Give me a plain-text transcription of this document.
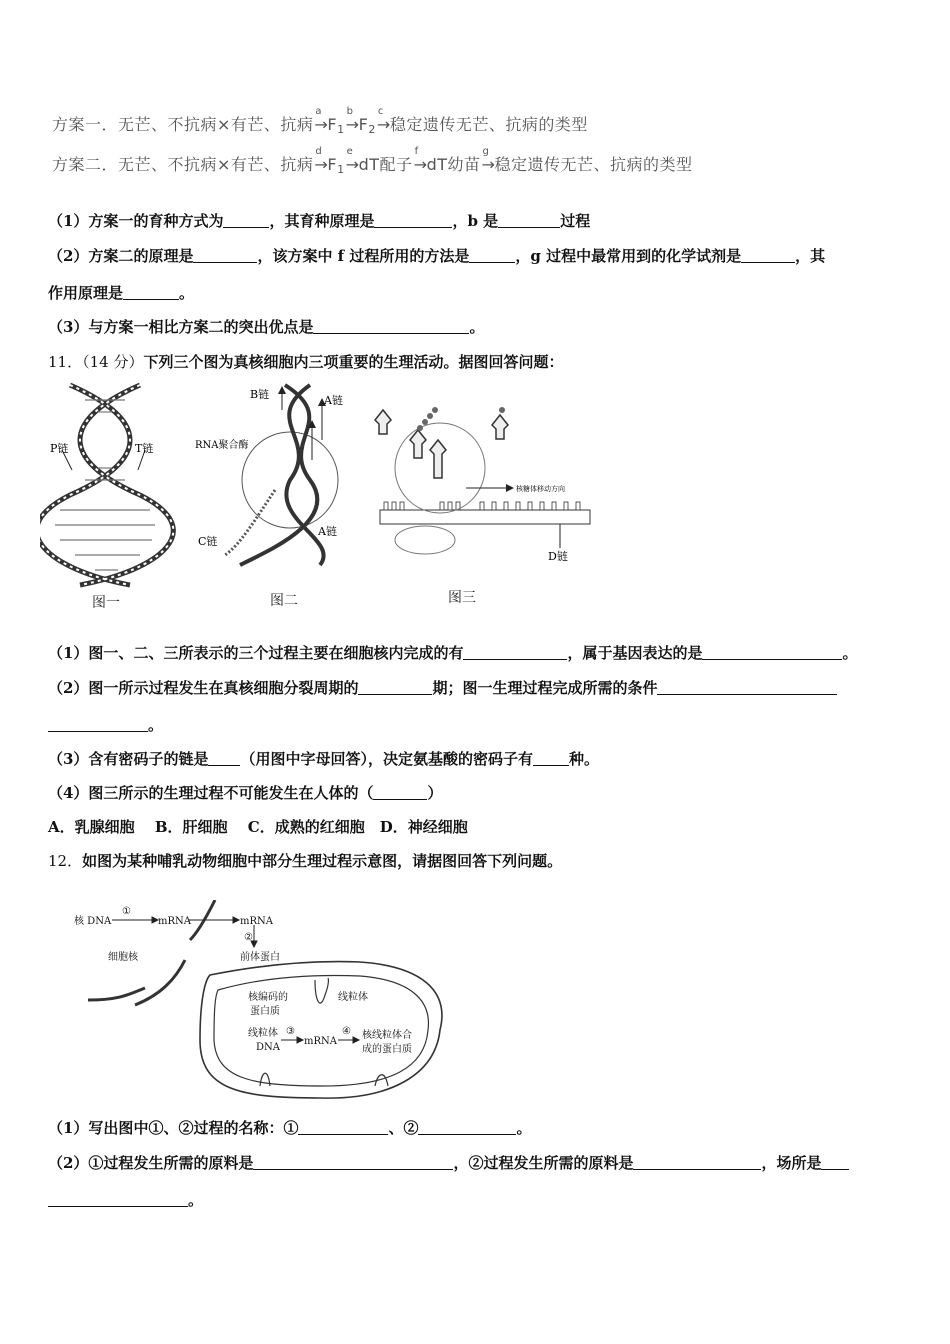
方案一．无芒、不抗病×有芒、抗病→
a
$F_1\to$
b
$F_2\to$
c
稳定遗传无芒、抗病的类型
方案二．无芒、不抗病×有芒、抗病→
d
$F_1\to$
e
dT配子→
f
dT幼苗→
g
稳定遗传无芒、抗病的类型
（1）方案一的育种方式为	，其育种原理是	，b 是	过程
（2）方案二的原理是	，该方案中 f 过程所用的方法是	，g 过程中最常用到的化学试剂是	，其
作用原理是	。
（3）与方案一相比方案二的突出优点是	。
11．（14 分）下列三个图为真核细胞内三项重要的生理活动。据图回答问题：
P链	T链
B链	A链
RNA聚合酶
C链
A链
核糖体移动方向
D链
图一	图二	图三
（1）图一、二、三所表示的三个过程主要在细胞核内完成的有	，属于基因表达的是	。
（2）图一所示过程发生在真核细胞分裂周期的	期；图一生理过程完成所需的条件
。
（3）含有密码子的链是 （用图中字母回答），决定氨基酸的密码子有 种。
（4）图三所示的生理过程不可能发生在人体的（	）
A．乳腺细胞　 B．肝细胞　 C．成熟的红细胞　D．神经细胞
12．如图为某种哺乳动物细胞中部分生理过程示意图，请据图回答下列问题。
核 DNA
①
mRNA	mRNA
②
前体蛋白
细胞核
线粒体
核编码的
蛋白质
线粒体
DNA
③
mRNA
④ 核线粒体合
成的蛋白质
（1）写出图中①、②过程的名称：①	、②	。
（2）①过程发生所需的原料是	，②过程发生所需的原料是	，场所是
。
